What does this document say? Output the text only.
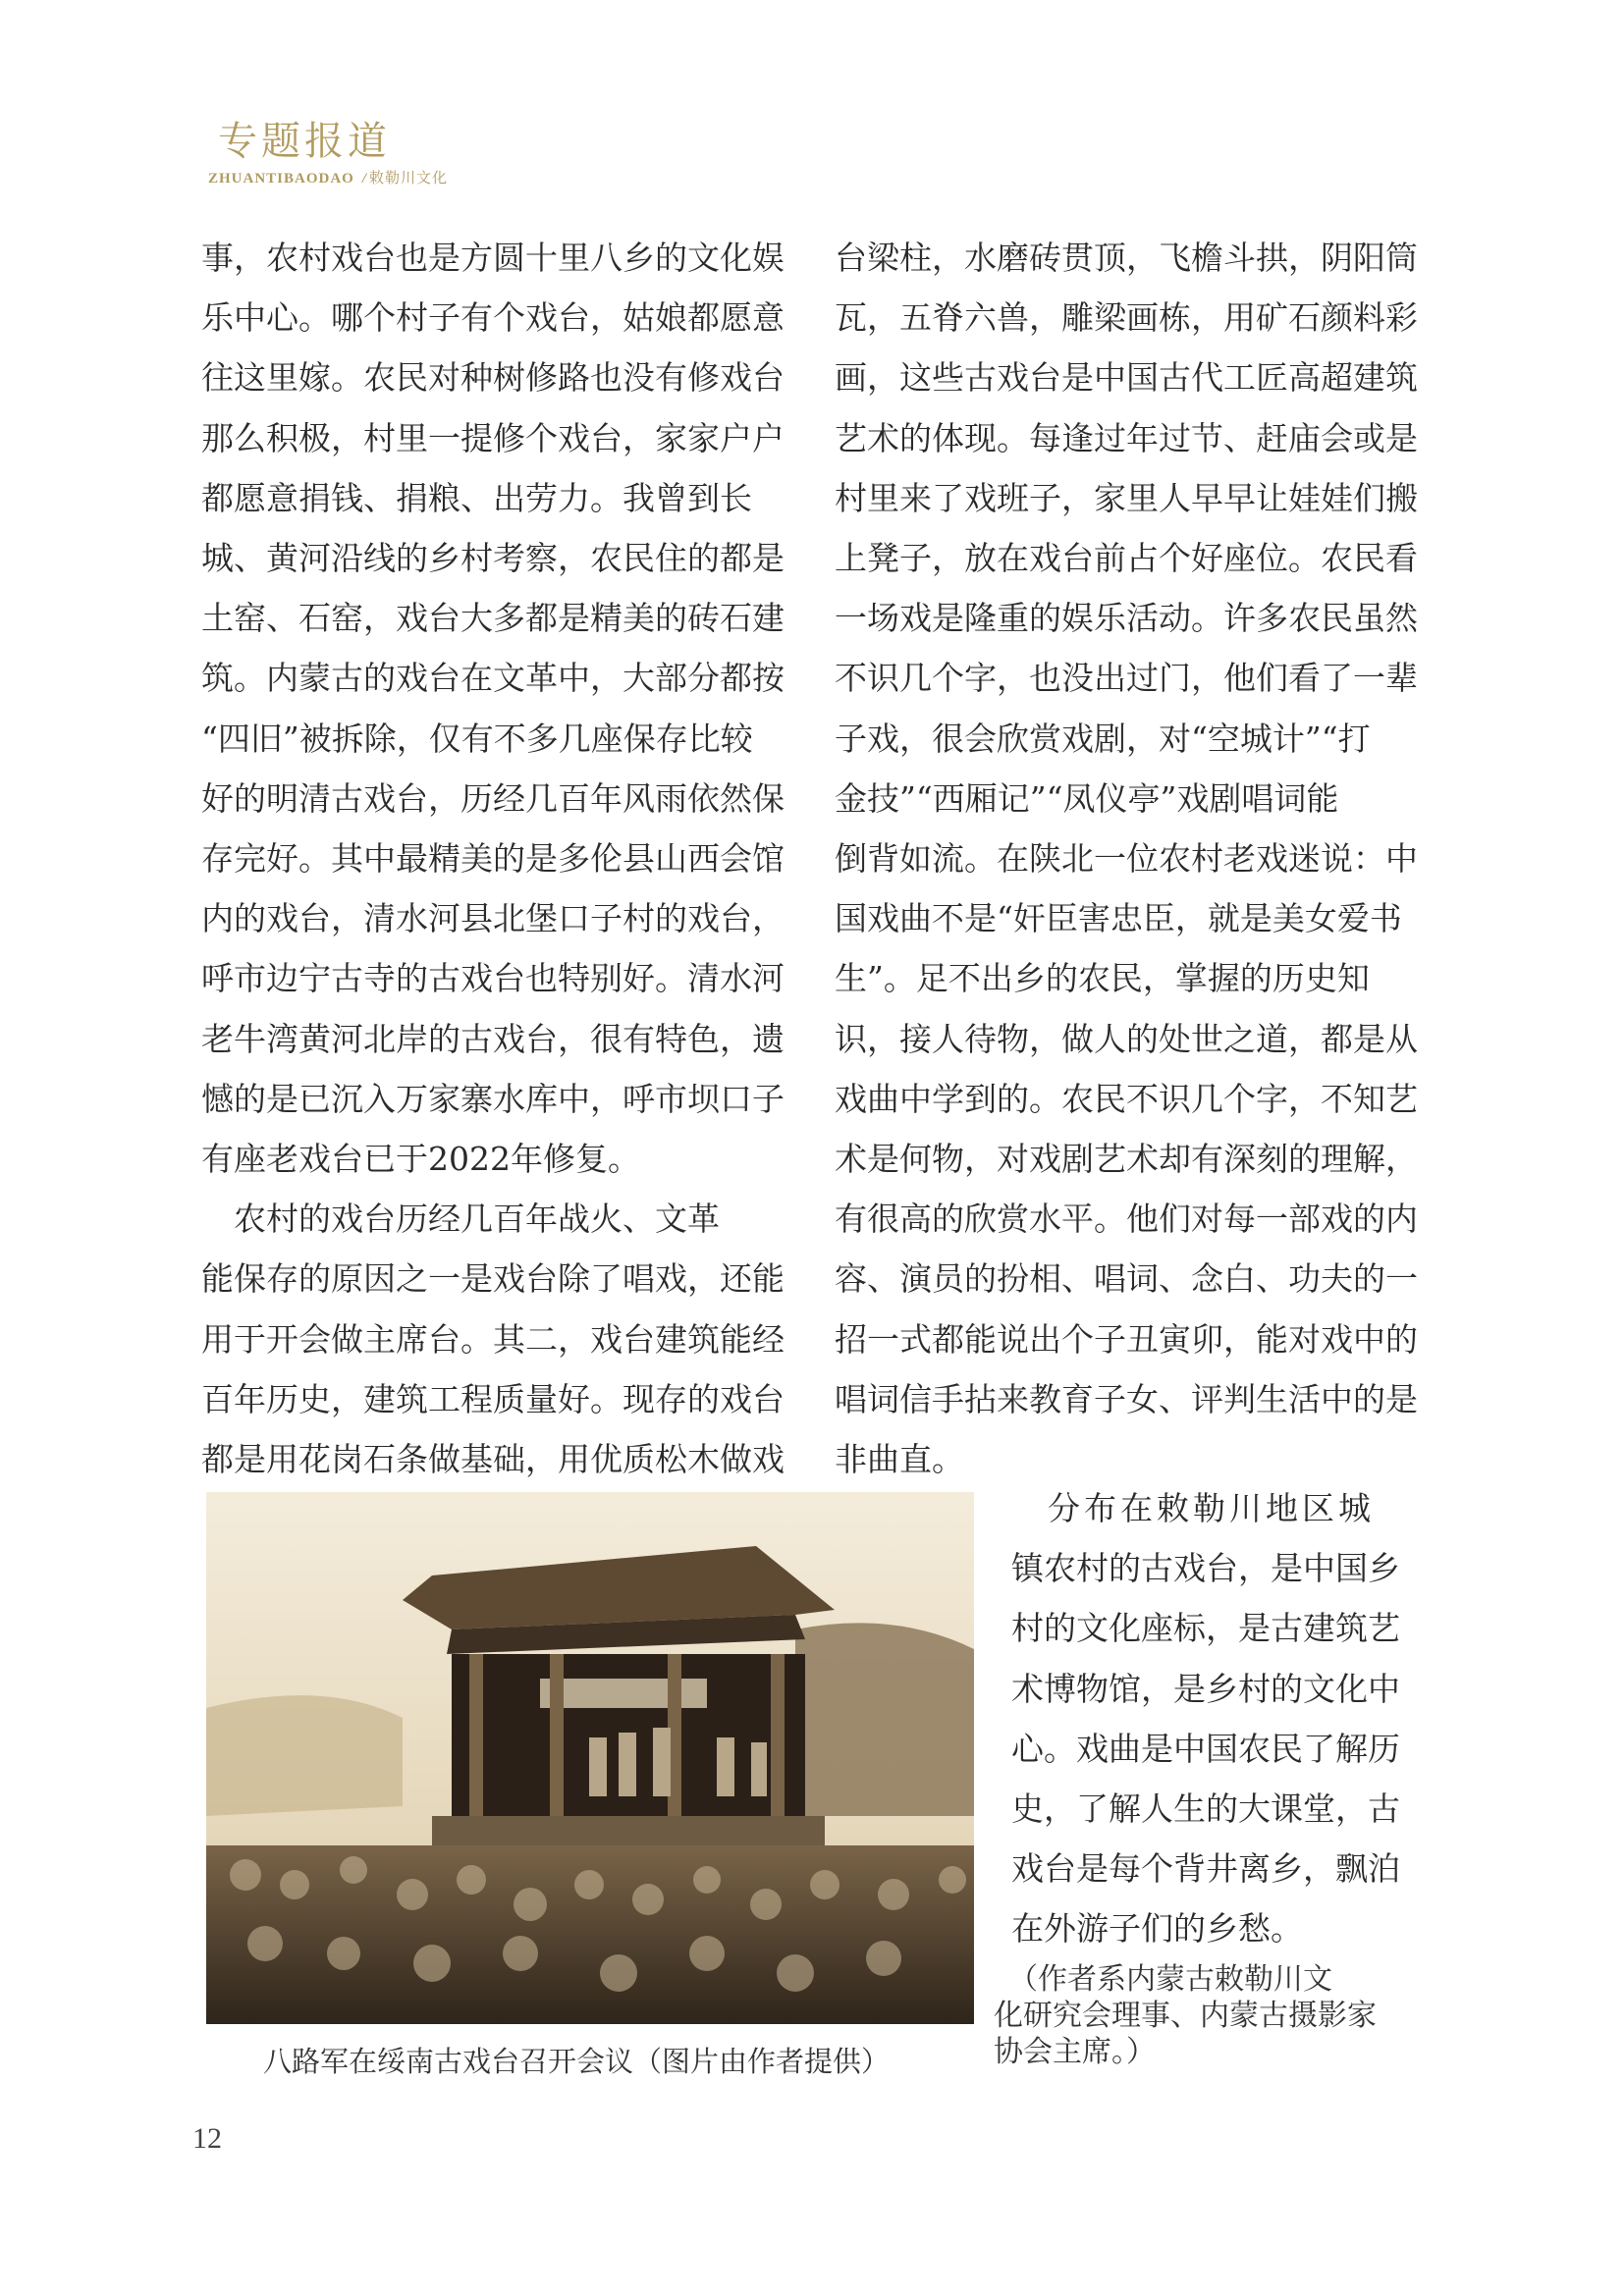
专题报道
ZHUANTIBAODAO / 敕勒川文化

事，农村戏台也是方圆十里八乡的文化娱

乐中心。哪个村子有个戏台，姑娘都愿意

往这里嫁。农民对种树修路也没有修戏台

那么积极，村里一提修个戏台，家家户户

都愿意捐钱、捐粮、出劳力。我曾到长

城、黄河沿线的乡村考察，农民住的都是

土窑、石窑，戏台大多都是精美的砖石建

筑。内蒙古的戏台在文革中，大部分都按

“四旧”被拆除，仅有不多几座保存比较

好的明清古戏台，历经几百年风雨依然保

存完好。其中最精美的是多伦县山西会馆

内的戏台，清水河县北堡口子村的戏台，

呼市边宁古寺的古戏台也特别好。清水河

老牛湾黄河北岸的古戏台，很有特色，遗

憾的是已沉入万家寨水库中，呼市坝口子

有座老戏台已于2022年修复。

　农村的戏台历经几百年战火、文革

能保存的原因之一是戏台除了唱戏，还能

用于开会做主席台。其二，戏台建筑能经

百年历史，建筑工程质量好。现存的戏台

都是用花岗石条做基础，用优质松木做戏

台梁柱，水磨砖贯顶，飞檐斗拱，阴阳筒

瓦，五脊六兽，雕梁画栋，用矿石颜料彩

画，这些古戏台是中国古代工匠高超建筑

艺术的体现。每逢过年过节、赶庙会或是

村里来了戏班子，家里人早早让娃娃们搬

上凳子，放在戏台前占个好座位。农民看

一场戏是隆重的娱乐活动。许多农民虽然

不识几个字，也没出过门，他们看了一辈

子戏，很会欣赏戏剧，对“空城计”“打

金技”“西厢记”“凤仪亭”戏剧唱词能

倒背如流。在陕北一位农村老戏迷说：中

国戏曲不是“奸臣害忠臣，就是美女爱书

生”。足不出乡的农民，掌握的历史知

识，接人待物，做人的处世之道，都是从

戏曲中学到的。农民不识几个字，不知艺

术是何物，对戏剧艺术却有深刻的理解，

有很高的欣赏水平。他们对每一部戏的内

容、演员的扮相、唱词、念白、功夫的一

招一式都能说出个子丑寅卯，能对戏中的

唱词信手拈来教育子女、评判生活中的是

非曲直。

八路军在绥南古戏台召开会议（图片由作者提供）

　分布在敕勒川地区城

镇农村的古戏台，是中国乡

村的文化座标，是古建筑艺

术博物馆，是乡村的文化中

心。戏曲是中国农民了解历

史，了解人生的大课堂，古

戏台是每个背井离乡，飘泊

在外游子们的乡愁。

　（作者系内蒙古敕勒川文

化研究会理事、内蒙古摄影家

协会主席。）

12
